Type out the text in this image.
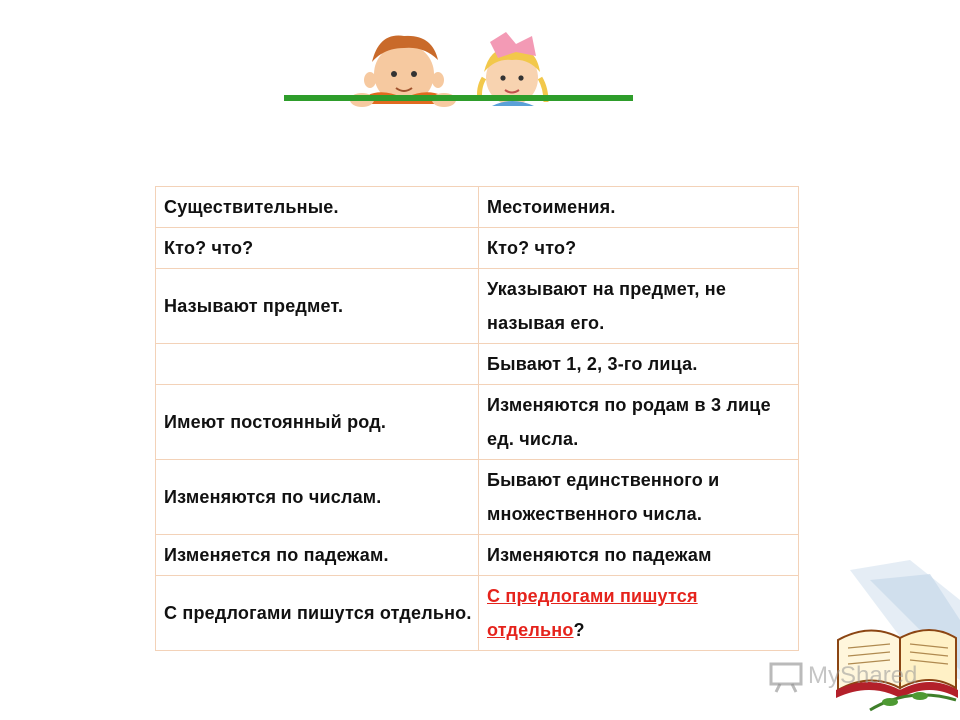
Существительные.	Местоимения.
Кто? что?	Кто? что?
Называют предмет.	Указывают на предмет, не называя его.
	Бывают 1, 2, 3-го лица.
Имеют постоянный род.	Изменяются по родам в 3 лице ед. числа.
Изменяются по числам.	Бывают единственного и множественного числа.
Изменяется по падежам.	Изменяются по падежам
С предлогами пишутся отдельно.	С предлогами пишутся отдельно?
MyShared
